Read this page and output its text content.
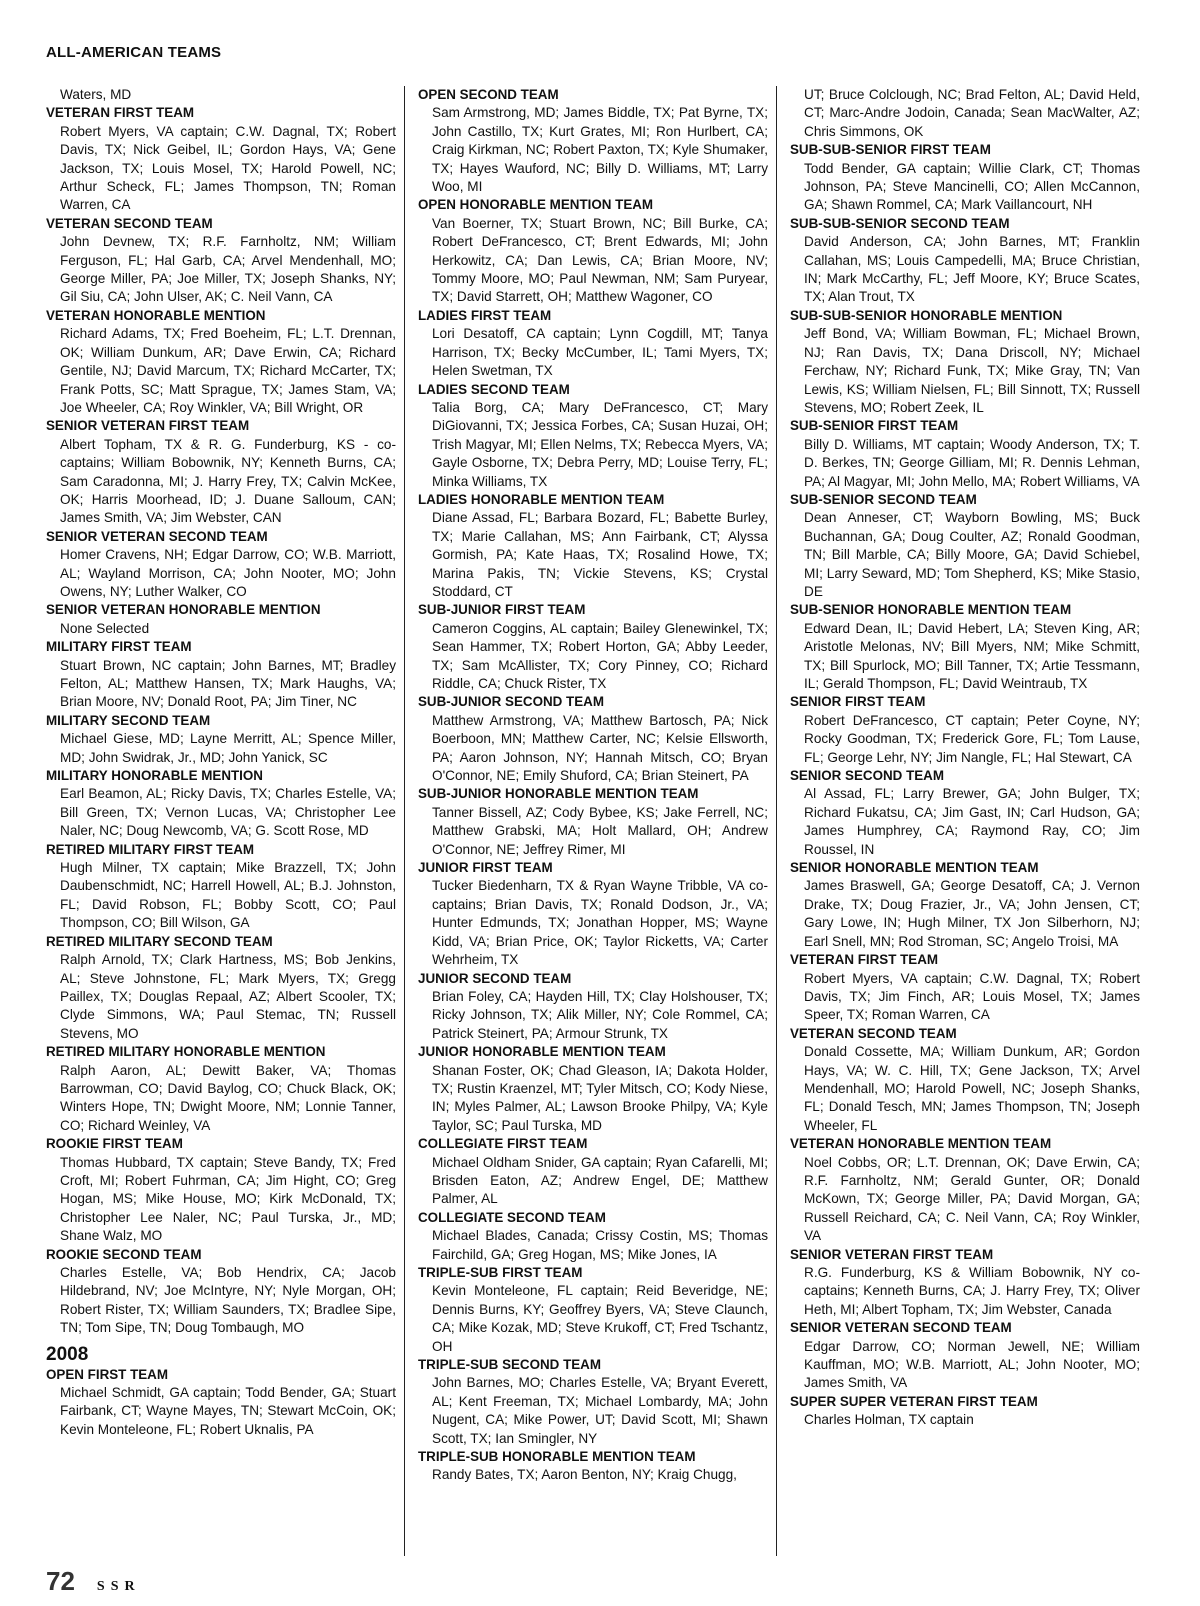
ALL-AMERICAN TEAMS

Waters, MD

VETERAN FIRST TEAM

Robert Myers, VA captain; C.W. Dagnal, TX; Robert Davis, TX; Nick Geibel, IL; Gordon Hays, VA; Gene Jackson, TX; Louis Mosel, TX; Harold Powell, NC; Arthur Scheck, FL; James Thompson, TN; Roman Warren, CA

VETERAN SECOND TEAM

John Devnew, TX; R.F. Farnholtz, NM; William Ferguson, FL; Hal Garb, CA; Arvel Mendenhall, MO; George Miller, PA; Joe Miller, TX; Joseph Shanks, NY; Gil Siu, CA; John Ulser, AK; C. Neil Vann, CA

VETERAN HONORABLE MENTION

Richard Adams, TX; Fred Boeheim, FL; L.T. Drennan, OK; William Dunkum, AR; Dave Erwin, CA; Richard Gentile, NJ; David Marcum, TX; Richard McCarter, TX; Frank Potts, SC; Matt Sprague, TX; James Stam, VA; Joe Wheeler, CA; Roy Winkler, VA; Bill Wright, OR

SENIOR VETERAN FIRST TEAM

Albert Topham, TX & R. G. Funderburg, KS - co-captains; William Bobownik, NY; Kenneth Burns, CA; Sam Caradonna, MI; J. Harry Frey, TX; Calvin McKee, OK; Harris Moorhead, ID; J. Duane Salloum, CAN; James Smith, VA; Jim Webster, CAN

SENIOR VETERAN SECOND TEAM

Homer Cravens, NH; Edgar Darrow, CO; W.B. Marriott, AL; Wayland Morrison, CA; John Nooter, MO; John Owens, NY; Luther Walker, CO

SENIOR VETERAN HONORABLE MENTION

None Selected

MILITARY FIRST TEAM

Stuart Brown, NC captain; John Barnes, MT; Bradley Felton, AL; Matthew Hansen, TX; Mark Haughs, VA; Brian Moore, NV; Donald Root, PA; Jim Tiner, NC

MILITARY SECOND TEAM

Michael Giese, MD; Layne Merritt, AL; Spence Miller, MD; John Swidrak, Jr., MD; John Yanick, SC

MILITARY HONORABLE MENTION

Earl Beamon, AL; Ricky Davis, TX; Charles Estelle, VA; Bill Green, TX; Vernon Lucas, VA; Christopher Lee Naler, NC; Doug Newcomb, VA; G. Scott Rose, MD

RETIRED MILITARY FIRST TEAM

Hugh Milner, TX captain; Mike Brazzell, TX; John Daubenschmidt, NC; Harrell Howell, AL; B.J. Johnston, FL; David Robson, FL; Bobby Scott, CO; Paul Thompson, CO; Bill Wilson, GA

RETIRED MILITARY SECOND TEAM

Ralph Arnold, TX; Clark Hartness, MS; Bob Jenkins, AL; Steve Johnstone, FL; Mark Myers, TX; Gregg Paillex, TX; Douglas Repaal, AZ; Albert Scooler, TX; Clyde Simmons, WA; Paul Stemac, TN; Russell Stevens, MO

RETIRED MILITARY HONORABLE MENTION

Ralph Aaron, AL; Dewitt Baker, VA; Thomas Barrowman, CO; David Baylog, CO; Chuck Black, OK; Winters Hope, TN; Dwight Moore, NM; Lonnie Tanner, CO; Richard Weinley, VA

ROOKIE FIRST TEAM

Thomas Hubbard, TX captain; Steve Bandy, TX; Fred Croft, MI; Robert Fuhrman, CA; Jim Hight, CO; Greg Hogan, MS; Mike House, MO; Kirk McDonald, TX; Christopher Lee Naler, NC; Paul Turska, Jr., MD; Shane Walz, MO

ROOKIE SECOND TEAM

Charles Estelle, VA; Bob Hendrix, CA; Jacob Hildebrand, NV; Joe McIntyre, NY; Nyle Morgan, OH; Robert Rister, TX; William Saunders, TX; Bradlee Sipe, TN; Tom Sipe, TN; Doug Tombaugh, MO

2008
OPEN FIRST TEAM

Michael Schmidt, GA captain; Todd Bender, GA; Stuart Fairbank, CT; Wayne Mayes, TN; Stewart McCoin, OK; Kevin Monteleone, FL; Robert Uknalis, PA

OPEN SECOND TEAM

Sam Armstrong, MD; James Biddle, TX; Pat Byrne, TX; John Castillo, TX; Kurt Grates, MI; Ron Hurlbert, CA; Craig Kirkman, NC; Robert Paxton, TX; Kyle Shumaker, TX; Hayes Wauford, NC; Billy D. Williams, MT; Larry Woo, MI

OPEN HONORABLE MENTION TEAM

Van Boerner, TX; Stuart Brown, NC; Bill Burke, CA; Robert DeFrancesco, CT; Brent Edwards, MI; John Herkowitz, CA; Dan Lewis, CA; Brian Moore, NV; Tommy Moore, MO; Paul Newman, NM; Sam Puryear, TX; David Starrett, OH; Matthew Wagoner, CO

LADIES FIRST TEAM

Lori Desatoff, CA captain; Lynn Cogdill, MT; Tanya Harrison, TX; Becky McCumber, IL; Tami Myers, TX; Helen Swetman, TX

LADIES SECOND TEAM

Talia Borg, CA; Mary DeFrancesco, CT; Mary DiGiovanni, TX; Jessica Forbes, CA; Susan Huzai, OH; Trish Magyar, MI; Ellen Nelms, TX; Rebecca Myers, VA; Gayle Osborne, TX; Debra Perry, MD; Louise Terry, FL; Minka Williams, TX

LADIES HONORABLE MENTION TEAM

Diane Assad, FL; Barbara Bozard, FL; Babette Burley, TX; Marie Callahan, MS; Ann Fairbank, CT; Alyssa Gormish, PA; Kate Haas, TX; Rosalind Howe, TX; Marina Pakis, TN; Vickie Stevens, KS; Crystal Stoddard, CT

SUB-JUNIOR FIRST TEAM

Cameron Coggins, AL captain; Bailey Glenewinkel, TX; Sean Hammer, TX; Robert Horton, GA; Abby Leeder, TX; Sam McAllister, TX; Cory Pinney, CO; Richard Riddle, CA; Chuck Rister, TX

SUB-JUNIOR SECOND TEAM

Matthew Armstrong, VA; Matthew Bartosch, PA; Nick Boerboon, MN; Matthew Carter, NC; Kelsie Ellsworth, PA; Aaron Johnson, NY; Hannah Mitsch, CO; Bryan O'Connor, NE; Emily Shuford, CA; Brian Steinert, PA

SUB-JUNIOR HONORABLE MENTION TEAM

Tanner Bissell, AZ; Cody Bybee, KS; Jake Ferrell, NC; Matthew Grabski, MA; Holt Mallard, OH; Andrew O'Connor, NE; Jeffrey Rimer, MI

JUNIOR FIRST TEAM

Tucker Biedenharn, TX & Ryan Wayne Tribble, VA co-captains; Brian Davis, TX; Ronald Dodson, Jr., VA; Hunter Edmunds, TX; Jonathan Hopper, MS; Wayne Kidd, VA; Brian Price, OK; Taylor Ricketts, VA; Carter Wehrheim, TX

JUNIOR SECOND TEAM

Brian Foley, CA; Hayden Hill, TX; Clay Holshouser, TX; Ricky Johnson, TX; Alik Miller, NY; Cole Rommel, CA; Patrick Steinert, PA; Armour Strunk, TX

JUNIOR HONORABLE MENTION TEAM

Shanan Foster, OK; Chad Gleason, IA; Dakota Holder, TX; Rustin Kraenzel, MT; Tyler Mitsch, CO; Kody Niese, IN; Myles Palmer, AL; Lawson Brooke Philpy, VA; Kyle Taylor, SC; Paul Turska, MD

COLLEGIATE FIRST TEAM

Michael Oldham Snider, GA captain; Ryan Cafarelli, MI; Brisden Eaton, AZ; Andrew Engel, DE; Matthew Palmer, AL

COLLEGIATE SECOND TEAM

Michael Blades, Canada; Crissy Costin, MS; Thomas Fairchild, GA; Greg Hogan, MS; Mike Jones, IA

TRIPLE-SUB FIRST TEAM

Kevin Monteleone, FL captain; Reid Beveridge, NE; Dennis Burns, KY; Geoffrey Byers, VA; Steve Claunch, CA; Mike Kozak, MD; Steve Krukoff, CT; Fred Tschantz, OH

TRIPLE-SUB SECOND TEAM

John Barnes, MO; Charles Estelle, VA; Bryant Everett, AL; Kent Freeman, TX; Michael Lombardy, MA; John Nugent, CA; Mike Power, UT; David Scott, MI; Shawn Scott, TX; Ian Smingler, NY

TRIPLE-SUB HONORABLE MENTION TEAM

Randy Bates, TX; Aaron Benton, NY; Kraig Chugg,

UT; Bruce Colclough, NC; Brad Felton, AL; David Held, CT; Marc-Andre Jodoin, Canada; Sean MacWalter, AZ; Chris Simmons, OK

SUB-SUB-SENIOR FIRST TEAM

Todd Bender, GA captain; Willie Clark, CT; Thomas Johnson, PA; Steve Mancinelli, CO; Allen McCannon, GA; Shawn Rommel, CA; Mark Vaillancourt, NH

SUB-SUB-SENIOR SECOND TEAM

David Anderson, CA; John Barnes, MT; Franklin Callahan, MS; Louis Campedelli, MA; Bruce Christian, IN; Mark McCarthy, FL; Jeff Moore, KY; Bruce Scates, TX; Alan Trout, TX

SUB-SUB-SENIOR HONORABLE MENTION

Jeff Bond, VA; William Bowman, FL; Michael Brown, NJ; Ran Davis, TX; Dana Driscoll, NY; Michael Ferchaw, NY; Richard Funk, TX; Mike Gray, TN; Van Lewis, KS; William Nielsen, FL; Bill Sinnott, TX; Russell Stevens, MO; Robert Zeek, IL

SUB-SENIOR FIRST TEAM

Billy D. Williams, MT captain; Woody Anderson, TX; T. D. Berkes, TN; George Gilliam, MI; R. Dennis Lehman, PA; Al Magyar, MI; John Mello, MA; Robert Williams, VA

SUB-SENIOR SECOND TEAM

Dean Anneser, CT; Wayborn Bowling, MS; Buck Buchannan, GA; Doug Coulter, AZ; Ronald Goodman, TN; Bill Marble, CA; Billy Moore, GA; David Schiebel, MI; Larry Seward, MD; Tom Shepherd, KS; Mike Stasio, DE

SUB-SENIOR HONORABLE MENTION TEAM

Edward Dean, IL; David Hebert, LA; Steven King, AR; Aristotle Melonas, NV; Bill Myers, NM; Mike Schmitt, TX; Bill Spurlock, MO; Bill Tanner, TX; Artie Tessmann, IL; Gerald Thompson, FL; David Weintraub, TX

SENIOR FIRST TEAM

Robert DeFrancesco, CT captain; Peter Coyne, NY; Rocky Goodman, TX; Frederick Gore, FL; Tom Lause, FL; George Lehr, NY; Jim Nangle, FL; Hal Stewart, CA

SENIOR SECOND TEAM

Al Assad, FL; Larry Brewer, GA; John Bulger, TX; Richard Fukatsu, CA; Jim Gast, IN; Carl Hudson, GA; James Humphrey, CA; Raymond Ray, CO; Jim Roussel, IN

SENIOR HONORABLE MENTION TEAM

James Braswell, GA; George Desatoff, CA; J. Vernon Drake, TX; Doug Frazier, Jr., VA; John Jensen, CT; Gary Lowe, IN; Hugh Milner, TX Jon Silberhorn, NJ; Earl Snell, MN; Rod Stroman, SC; Angelo Troisi, MA

VETERAN FIRST TEAM

Robert Myers, VA captain; C.W. Dagnal, TX; Robert Davis, TX; Jim Finch, AR; Louis Mosel, TX; James Speer, TX; Roman Warren, CA

VETERAN SECOND TEAM

Donald Cossette, MA; William Dunkum, AR; Gordon Hays, VA; W. C. Hill, TX; Gene Jackson, TX; Arvel Mendenhall, MO; Harold Powell, NC; Joseph Shanks, FL; Donald Tesch, MN; James Thompson, TN; Joseph Wheeler, FL

VETERAN HONORABLE MENTION TEAM

Noel Cobbs, OR; L.T. Drennan, OK; Dave Erwin, CA; R.F. Farnholtz, NM; Gerald Gunter, OR; Donald McKown, TX; George Miller, PA; David Morgan, GA; Russell Reichard, CA; C. Neil Vann, CA; Roy Winkler, VA

SENIOR VETERAN FIRST TEAM

R.G. Funderburg, KS & William Bobownik, NY co-captains; Kenneth Burns, CA; J. Harry Frey, TX; Oliver Heth, MI; Albert Topham, TX; Jim Webster, Canada

SENIOR VETERAN SECOND TEAM

Edgar Darrow, CO; Norman Jewell, NE; William Kauffman, MO; W.B. Marriott, AL; John Nooter, MO; James Smith, VA

SUPER SUPER VETERAN FIRST TEAM

Charles Holman, TX captain

72 SSR
